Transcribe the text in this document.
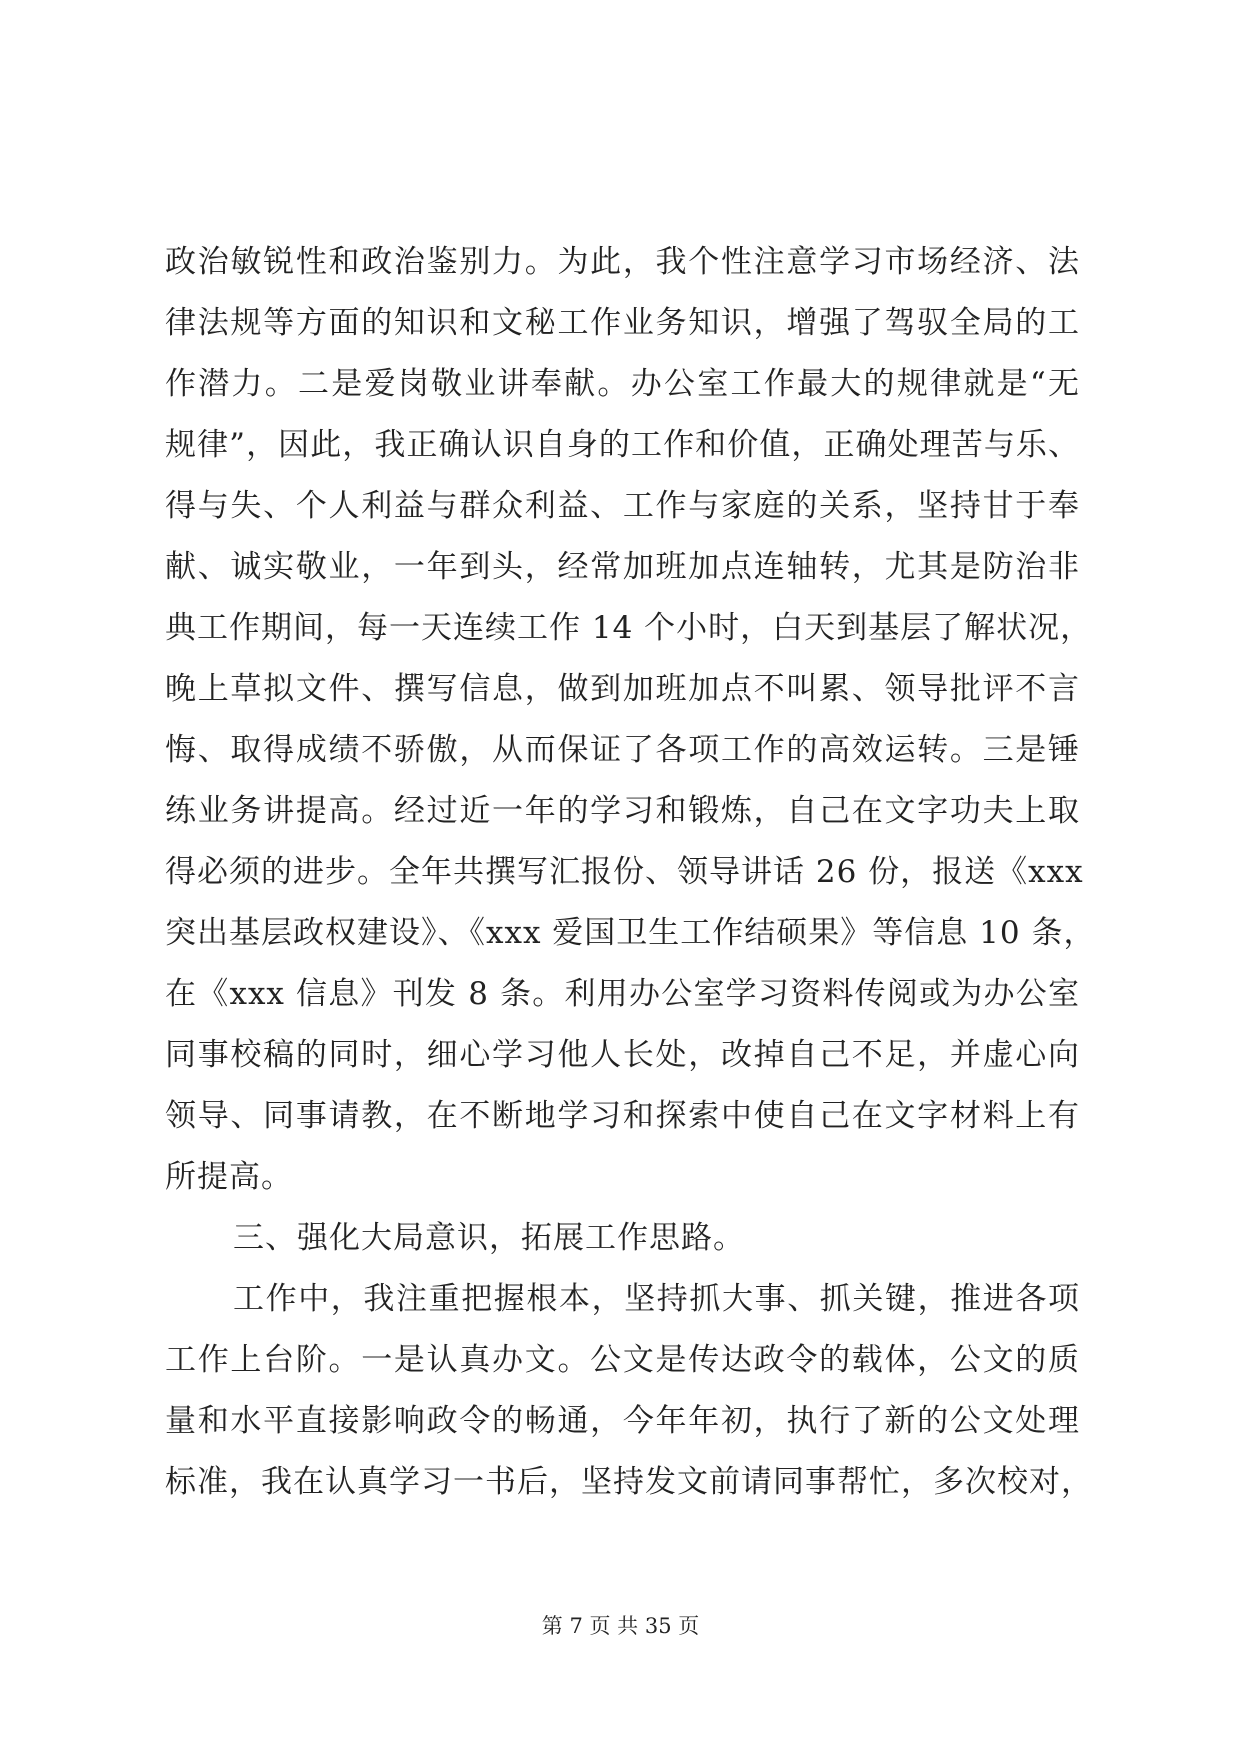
政治敏锐性和政治鉴别力。为此，我个性注意学习市场经济、法
律法规等方面的知识和文秘工作业务知识，增强了驾驭全局的工
作潜力。二是爱岗敬业讲奉献。办公室工作最大的规律就是“无
规律”，因此，我正确认识自身的工作和价值，正确处理苦与乐、
得与失、个人利益与群众利益、工作与家庭的关系，坚持甘于奉
献、诚实敬业，一年到头，经常加班加点连轴转，尤其是防治非
典工作期间，每一天连续工作 14 个小时，白天到基层了解状况，
晚上草拟文件、撰写信息，做到加班加点不叫累、领导批评不言
悔、取得成绩不骄傲，从而保证了各项工作的高效运转。三是锤
练业务讲提高。经过近一年的学习和锻炼，自己在文字功夫上取
得必须的进步。全年共撰写汇报份、领导讲话 26 份，报送《xxx
突出基层政权建设》、《xxx 爱国卫生工作结硕果》等信息 10 条，
在《xxx 信息》刊发 8 条。利用办公室学习资料传阅或为办公室
同事校稿的同时，细心学习他人长处，改掉自己不足，并虚心向
领导、同事请教，在不断地学习和探索中使自己在文字材料上有
所提高。
三、强化大局意识，拓展工作思路。
工作中，我注重把握根本，坚持抓大事、抓关键，推进各项
工作上台阶。一是认真办文。公文是传达政令的载体，公文的质
量和水平直接影响政令的畅通，今年年初，执行了新的公文处理
标准，我在认真学习一书后，坚持发文前请同事帮忙，多次校对，
第 7 页 共 35 页
